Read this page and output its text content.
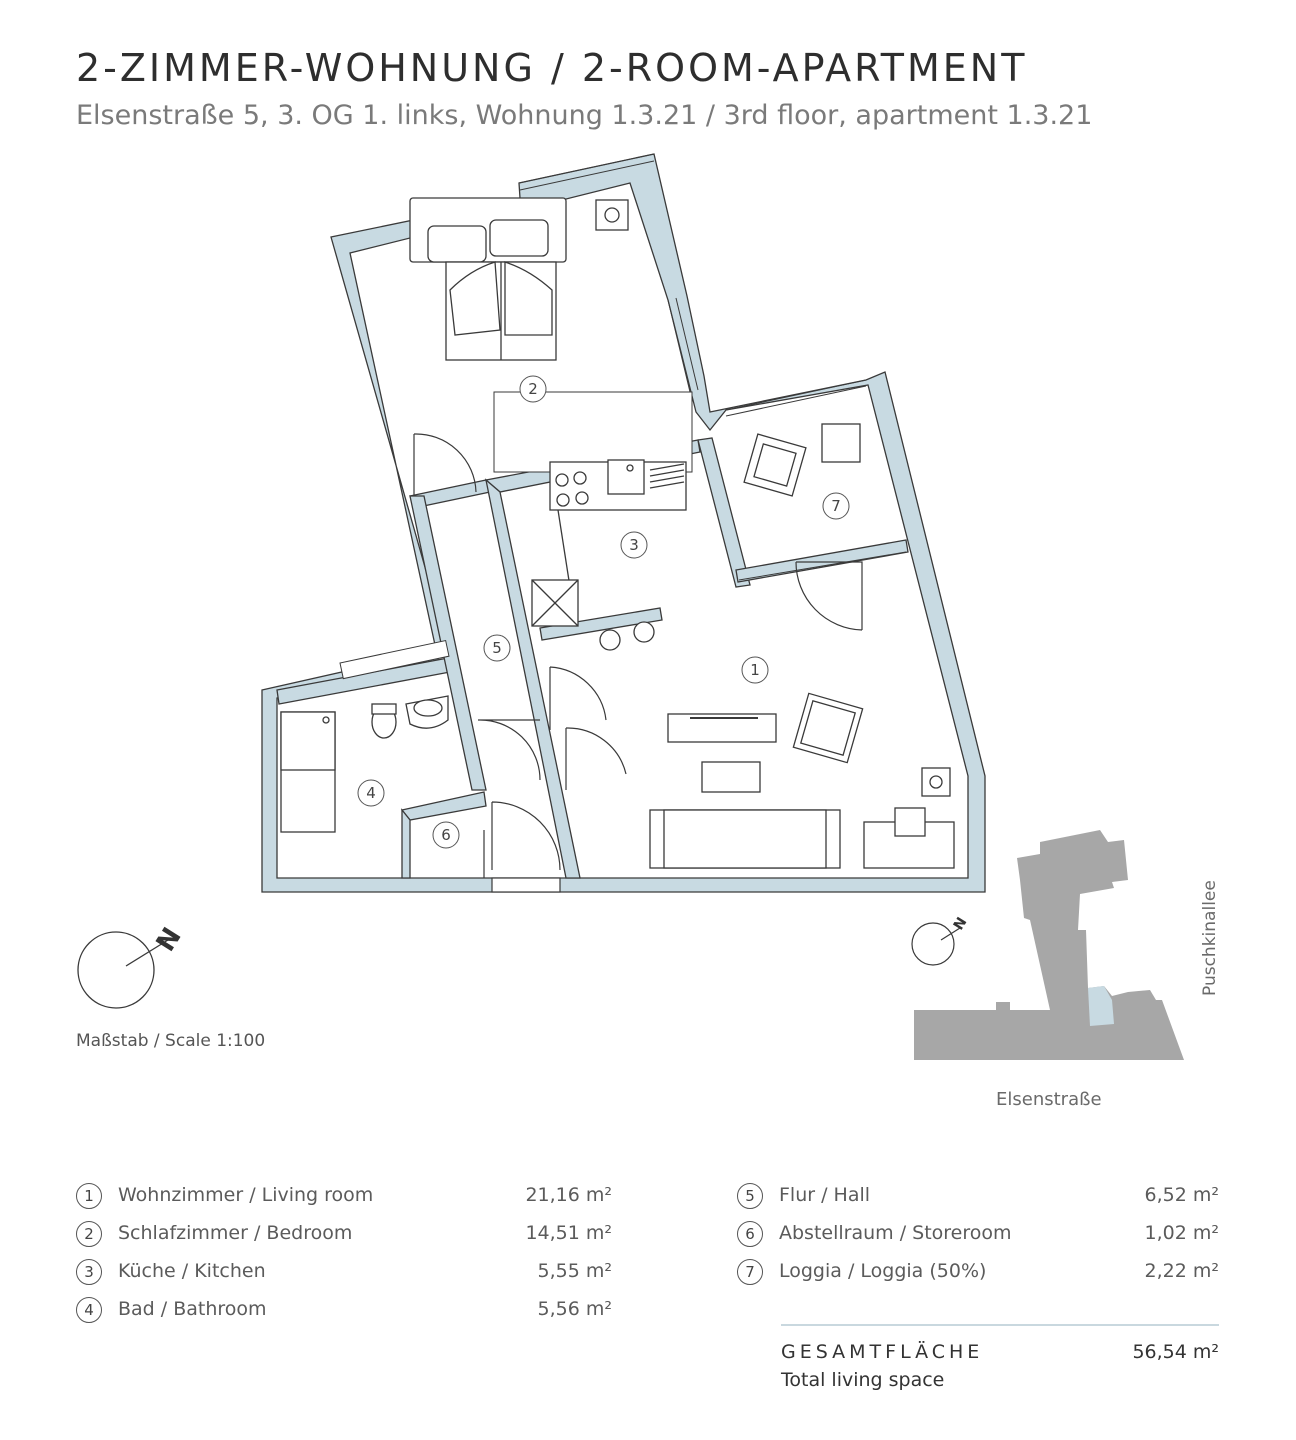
2-ZIMMER-WOHNUNG / 2-ROOM-APARTMENT
Elsenstraße 5, 3. OG 1. links, Wohnung 1.3.21 / 3rd floor, apartment 1.3.21
2
3
7
5
1
4
6
N	N
Maßstab / Scale 1:100
Elsenstraße
Puschkinallee
1	Wohnzimmer / Living room	21,16 m²
2	Schlafzimmer / Bedroom	14,51 m²
3	Küche / Kitchen	5,55 m²
4	Bad / Bathroom	5,56 m²
5	Flur / Hall	6,52 m²
6	Abstellraum / Storeroom	1,02 m²
7	Loggia / Loggia (50%)	2,22 m²
GESAMTFLÄCHE
Total living space
56,54 m²
